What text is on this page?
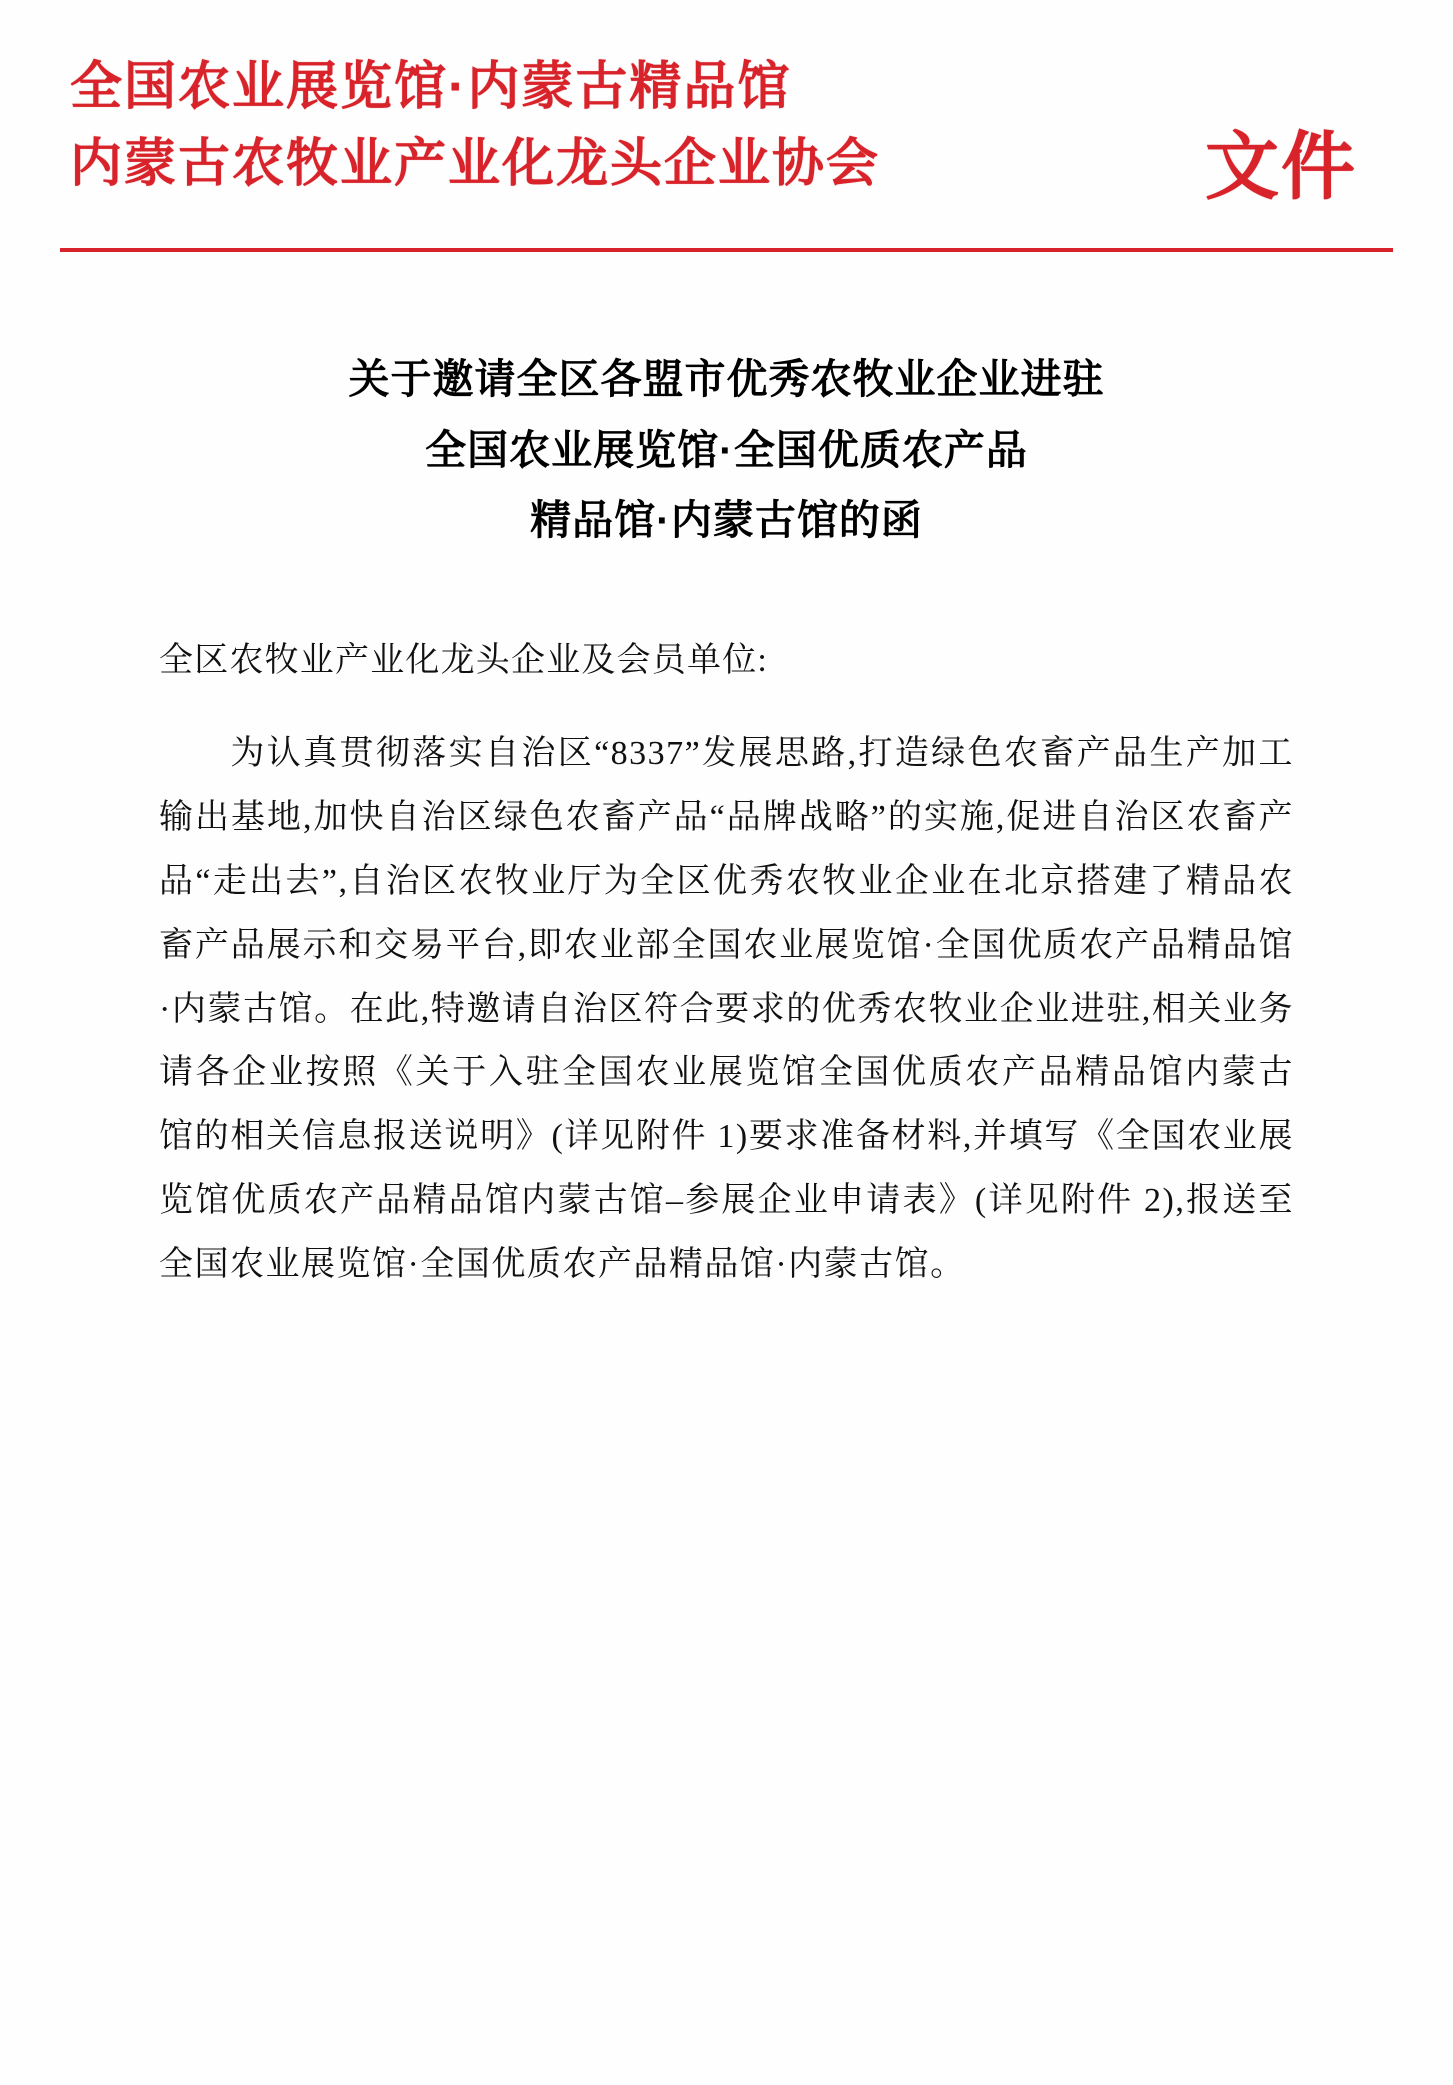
全国农业展览馆·内蒙古精品馆
内蒙古农牧业产业化龙头企业协会	文件
关于邀请全区各盟市优秀农牧业企业进驻
全国农业展览馆·全国优质农产品
精品馆·内蒙古馆的函
全区农牧业产业化龙头企业及会员单位:

为认真贯彻落实自治区“8337”发展思路,打造绿色农畜产品生产加工输出基地,加快自治区绿色农畜产品“品牌战略”的实施,促进自治区农畜产品“走出去”,自治区农牧业厅为全区优秀农牧业企业在北京搭建了精品农畜产品展示和交易平台,即农业部全国农业展览馆·全国优质农产品精品馆·内蒙古馆。在此,特邀请自治区符合要求的优秀农牧业企业进驻,相关业务请各企业按照《关于入驻全国农业展览馆全国优质农产品精品馆内蒙古馆的相关信息报送说明》(详见附件 1)要求准备材料,并填写《全国农业展览馆优质农产品精品馆内蒙古馆–参展企业申请表》(详见附件 2),报送至全国农业展览馆·全国优质农产品精品馆·内蒙古馆。
